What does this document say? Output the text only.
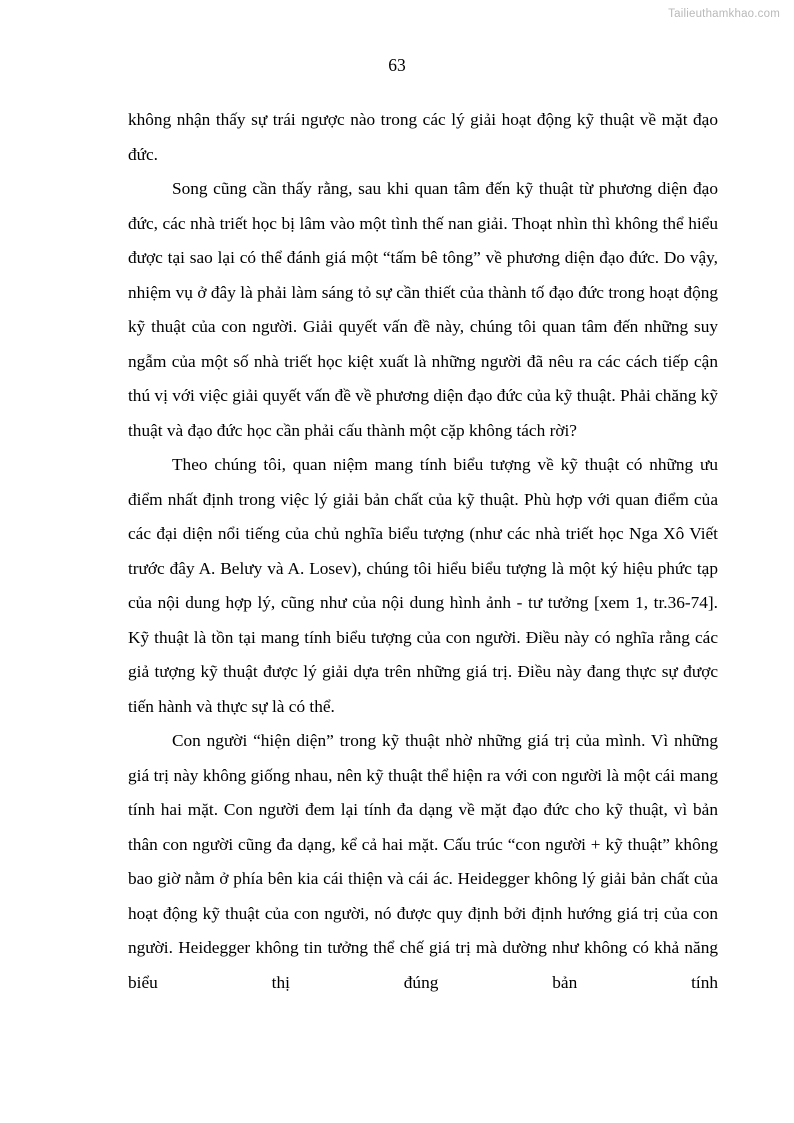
Tailieuthamkhao.com
63

không nhận thấy sự trái ngược nào trong các lý giải hoạt động kỹ thuật về mặt đạo đức.

Song cũng cần thấy rằng, sau khi quan tâm đến kỹ thuật từ phương diện đạo đức, các nhà triết học bị lâm vào một tình thế nan giải. Thoạt nhìn thì không thể hiểu được tại sao lại có thể đánh giá một “tấm bê tông” về phương diện đạo đức. Do vậy, nhiệm vụ ở đây là phải làm sáng tỏ sự cần thiết của thành tố đạo đức trong hoạt động kỹ thuật của con người. Giải quyết vấn đề này, chúng tôi quan tâm đến những suy ngẫm của một số nhà triết học kiệt xuất là những người đã nêu ra các cách tiếp cận thú vị với việc giải quyết vấn đề về phương diện đạo đức của kỹ thuật. Phải chăng kỹ thuật và đạo đức học cần phải cấu thành một cặp không tách rời?

Theo chúng tôi, quan niệm mang tính biểu tượng về kỹ thuật có những ưu điểm nhất định trong việc lý giải bản chất của kỹ thuật. Phù hợp với quan điểm của các đại diện nổi tiếng của chủ nghĩa biểu tượng (như các nhà triết học Nga Xô Viết trước đây A. Belưy và A. Losev), chúng tôi hiểu biểu tượng là một ký hiệu phức tạp của nội dung hợp lý, cũng như của nội dung hình ảnh - tư tưởng [xem 1, tr.36-74]. Kỹ thuật là tồn tại mang tính biểu tượng của con người. Điều này có nghĩa rằng các giả tượng kỹ thuật được lý giải dựa trên những giá trị. Điều này đang thực sự được tiến hành và thực sự là có thể.

Con người “hiện diện” trong kỹ thuật nhờ những giá trị của mình. Vì những giá trị này không giống nhau, nên kỹ thuật thể hiện ra với con người là một cái mang tính hai mặt. Con người đem lại tính đa dạng về mặt đạo đức cho kỹ thuật, vì bản thân con người cũng đa dạng, kể cả hai mặt. Cấu trúc “con người + kỹ thuật” không bao giờ nằm ở phía bên kia cái thiện và cái ác. Heidegger không lý giải bản chất của hoạt động kỹ thuật của con người, nó được quy định bởi định hướng giá trị của con người. Heidegger không tin tưởng thể chế giá trị mà dường như không có khả năng biểu thị đúng bản tính
